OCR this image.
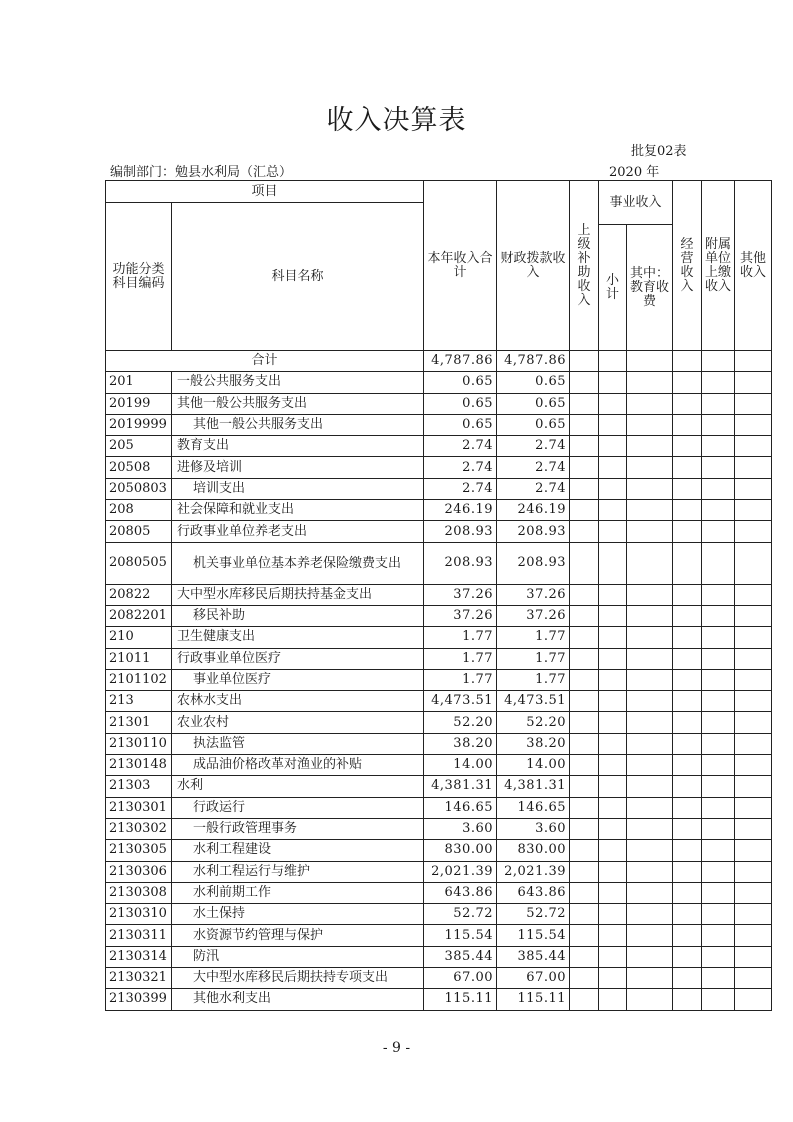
收入决算表
批复02表
编制部门：勉县水利局（汇总）	2020 年
项目		本年收入合计	财政拨款收入	上级补助收入	事业收入		经营收入	附属单位上缴收入	其他收入
功能分类科目编码	科目名称								
					小计	其中：教育收费			
合计		4,787.86	4,787.86						
201	一般公共服务支出	0.65	0.65						
20199	其他一般公共服务支出	0.65	0.65						
2019999	其他一般公共服务支出	0.65	0.65						
205	教育支出	2.74	2.74						
20508	进修及培训	2.74	2.74						
2050803	培训支出	2.74	2.74						
208	社会保障和就业支出	246.19	246.19						
20805	行政事业单位养老支出	208.93	208.93						
2080505	机关事业单位基本养老保险缴费支出	208.93	208.93						
20822	大中型水库移民后期扶持基金支出	37.26	37.26						
2082201	移民补助	37.26	37.26						
210	卫生健康支出	1.77	1.77						
21011	行政事业单位医疗	1.77	1.77						
2101102	事业单位医疗	1.77	1.77						
213	农林水支出	4,473.51	4,473.51						
21301	农业农村	52.20	52.20						
2130110	执法监管	38.20	38.20						
2130148	成品油价格改革对渔业的补贴	14.00	14.00						
21303	水利	4,381.31	4,381.31						
2130301	行政运行	146.65	146.65						
2130302	一般行政管理事务	3.60	3.60						
2130305	水利工程建设	830.00	830.00						
2130306	水利工程运行与维护	2,021.39	2,021.39						
2130308	水利前期工作	643.86	643.86						
2130310	水土保持	52.72	52.72						
2130311	水资源节约管理与保护	115.54	115.54						
2130314	防汛	385.44	385.44						
2130321	大中型水库移民后期扶持专项支出	67.00	67.00						
2130399	其他水利支出	115.11	115.11						
- 9 -
